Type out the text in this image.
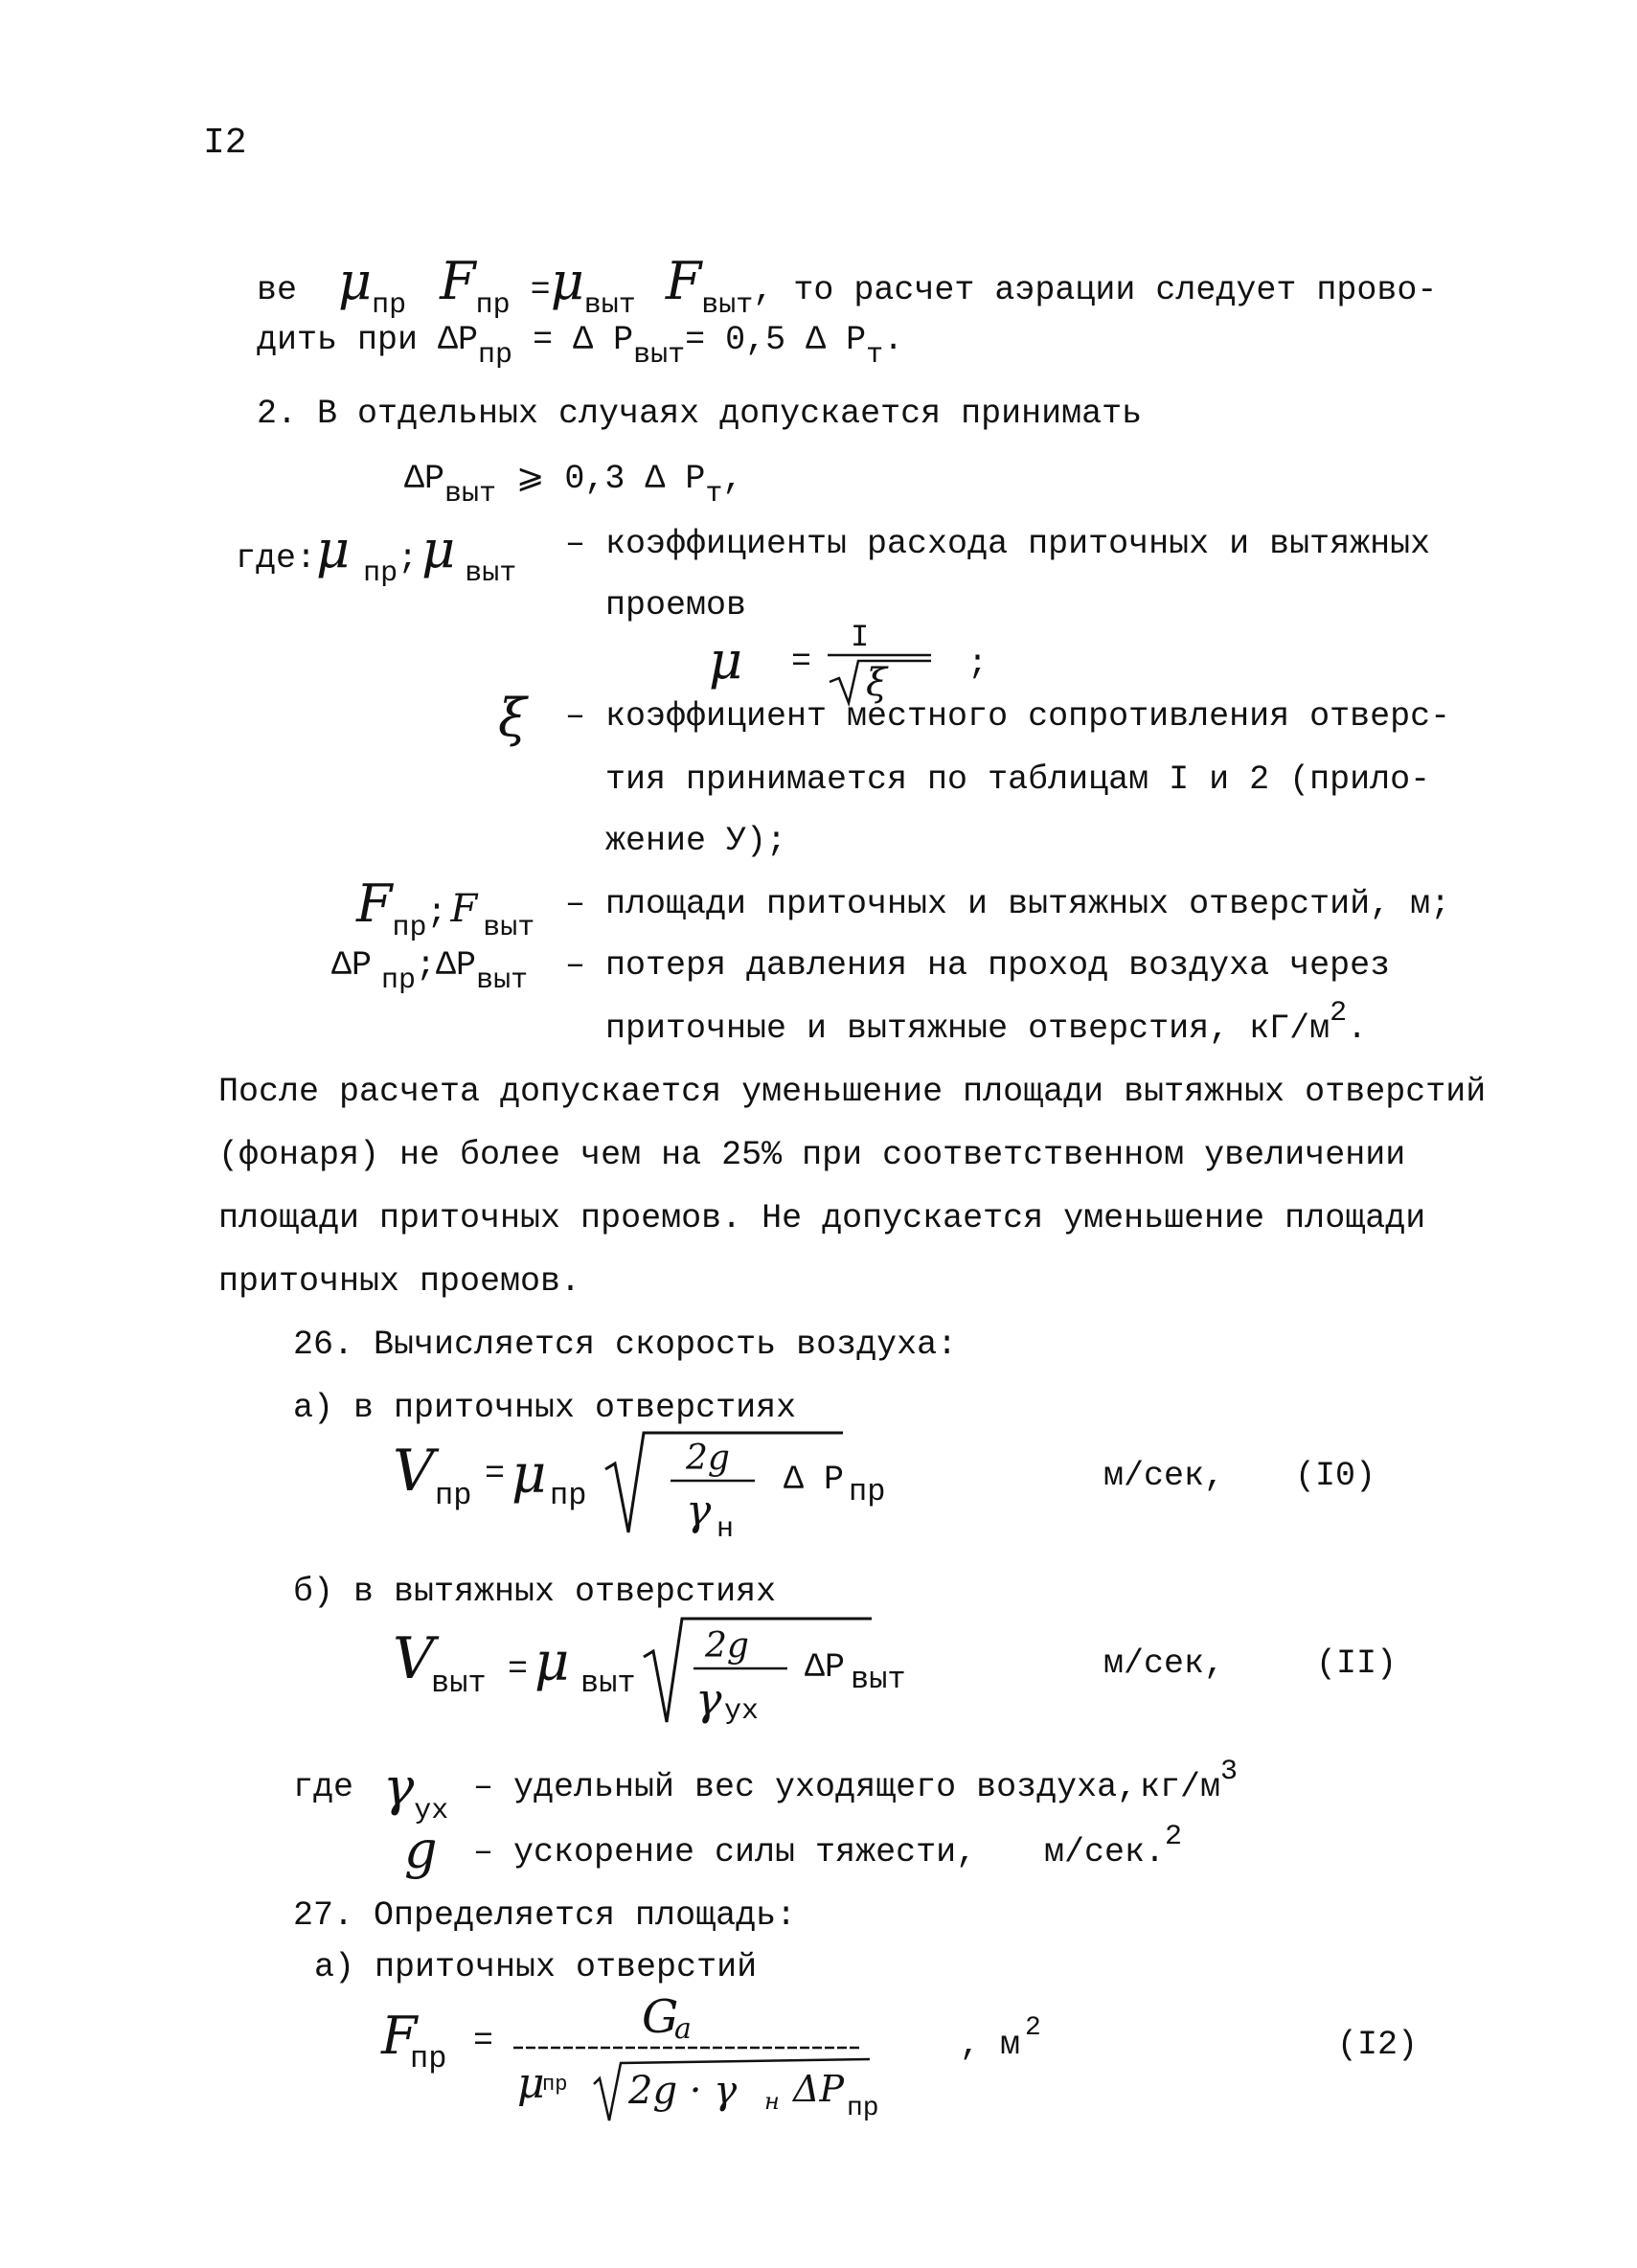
I2
ве $\mu_{пр}$ $F_{пр} =\mu_{выт}$ $F_{выт}$, то расчет аэрации следует прово-
дить при $\Delta P_{пр} = \Delta$ $P_{выт}= 0,5$ Δ $P_т$.
2. В отдельных случаях допускается принимать
$\Delta P_{выт}$ ⩾ 0,3 Δ $P_т$,
где:μ $_{пр}$;μ $_{выт}$
– коэффициенты расхода приточных и вытяжных
проемов
μ =
I
ξ ;
ξ – коэффициент местного сопротивления отверс-
тия принимается по таблицам I и 2 (прило-
жение У);
$F_{пр}$; F $_{выт}$
– площади приточных и вытяжных отверстий, м;
ΔP $_{пр};\Delta P_{выт}$ – потеря давления на проход воздуха через
приточные и вытяжные отверстия, $кГ/м^2$.
После расчета допускается уменьшение площади вытяжных отверстий
(фонаря) не более чем на 25% при соответственном увеличении
площади приточных проемов. Не допускается уменьшение площади
приточных проемов.
26. Вычисляется скорость воздуха:
а) в приточных отверстиях
V пр
= μ пр
2g
γ н
Δ P пр	м/сек, (I0)
б) в вытяжных отверстиях
V
выт = μ выт
2g
γ ух
ΔP выт	м/сек,	(II)
где $\gamma_{ух}$
– удельный вес уходящего воздуха, $кг/м^3$
g – ускорение силы тяжести, м/сек.$^2$
27. Определяется площадь:
а) приточных отверстий
F
пр =	G
a
μ
пр 2g · γ н ΔP пр
, м 2	(I2)
